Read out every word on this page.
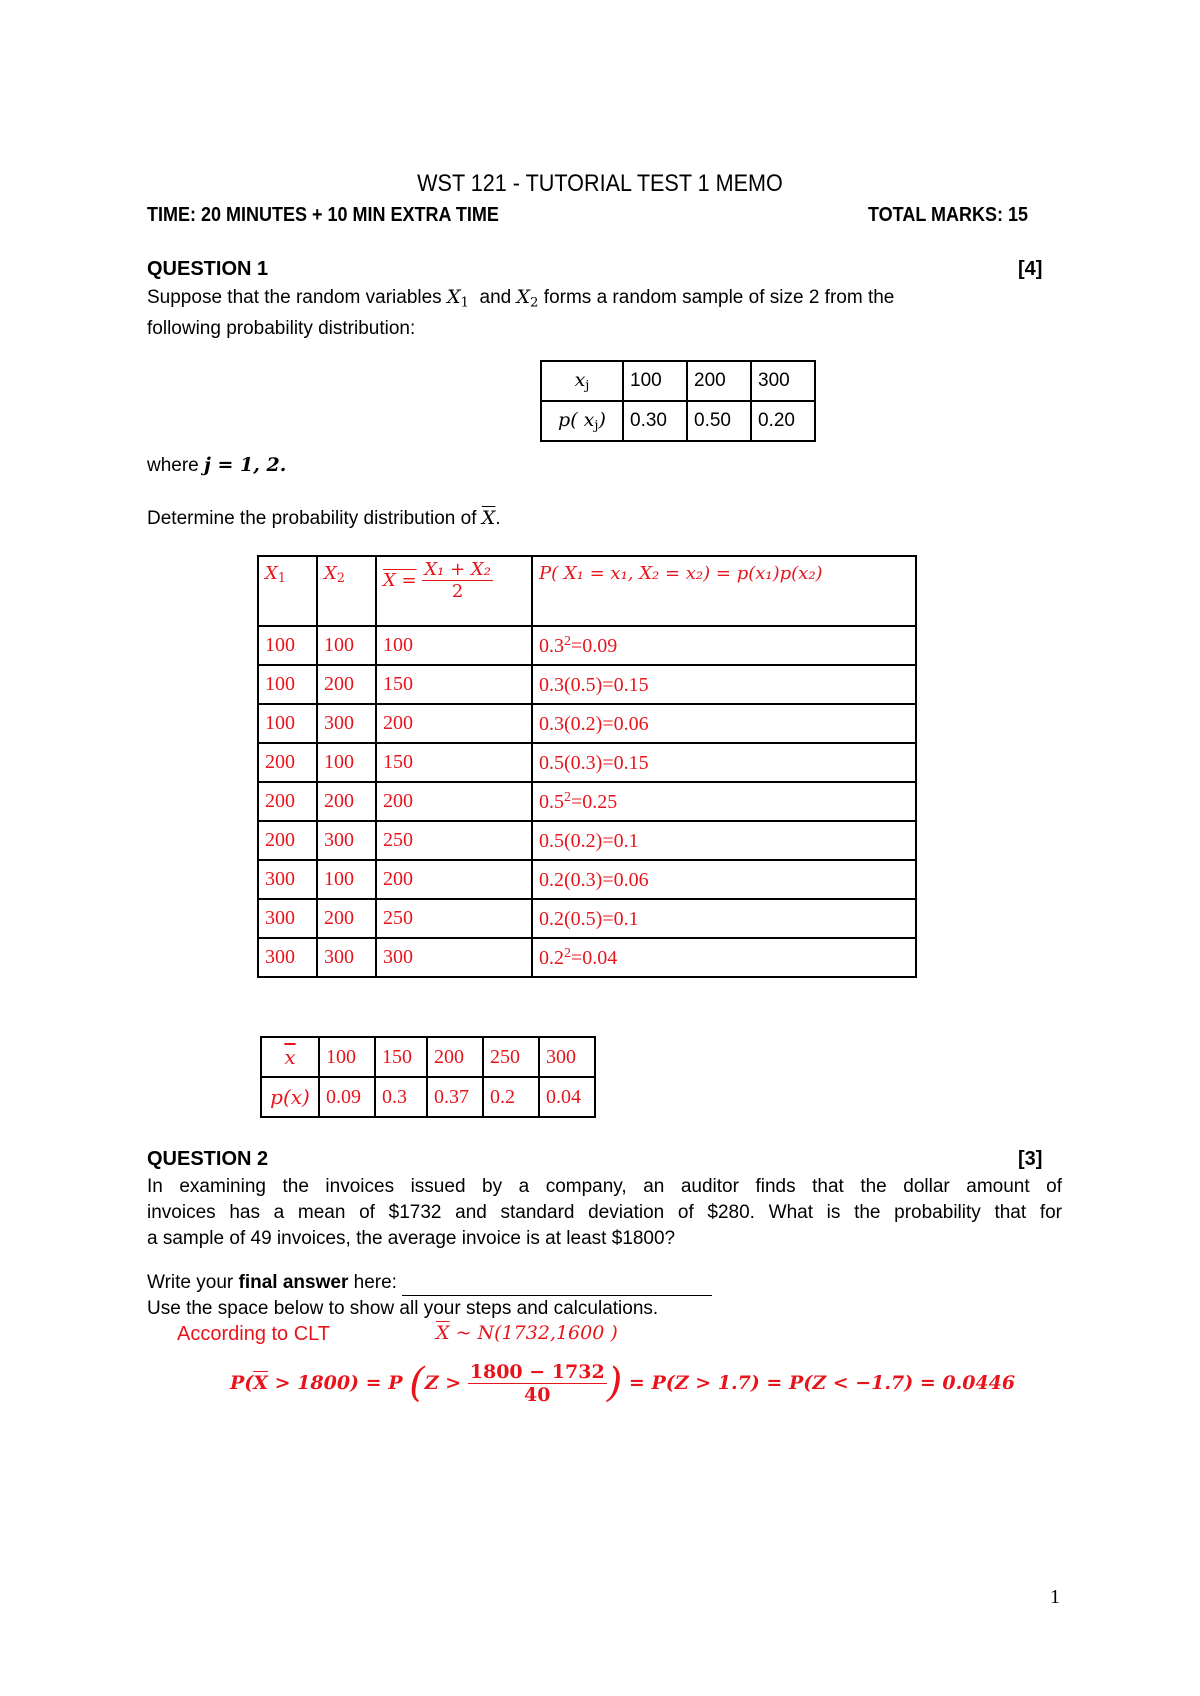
WST 121 - TUTORIAL TEST 1 MEMO
TIME: 20 MINUTES + 10 MIN EXTRA TIME	TOTAL MARKS: 15
QUESTION 1	[4]
Suppose that the random variables $X_1$ and $X_2$ forms a random sample of size 2 from the
following probability distribution:
$x_j$	100	200	300
p( $x_j$)	0.30	0.50	0.20
where j = 1, 2.
Determine the probability distribution of $\overline{X}$.
$X_1$	$X_2$	$X = \frac{\text{X₁ + X₂}}{2}$	P( X₁ = x₁, X₂ = x₂) = p(x₁)p(x₂)
100	100	100	$0.3^2=0.09$
100	200	150	0.3(0.5)=0.15
100	300	200	0.3(0.2)=0.06
200	100	150	0.5(0.3)=0.15
200	200	200	$0.5^2=0.25$
200	300	250	0.5(0.2)=0.1
300	100	200	0.2(0.3)=0.06
300	200	250	0.2(0.5)=0.1
300	300	300	$0.2^2=0.04$
$\overline{x}$	100	150	200	250	300
p(x)	0.09	0.3	0.37	0.2	0.04
QUESTION 2	[3]
In examining the invoices issued by a company, an auditor finds that the dollar amount of
invoices has a mean of $1732 and standard deviation of $280. What is the probability that for
a sample of 49 invoices, the average invoice is at least $1800?
Write your final answer here:
Use the space below to show all your steps and calculations.
According to CLT	$\overline{X}$ ~ N(1732,1600 )
$P(\overline{X} > 1800) = P$ ($Z > \frac{1800 - 1732}{40}$ ) = P(Z > 1.7) = P(Z < −1.7) = 0.0446
1
